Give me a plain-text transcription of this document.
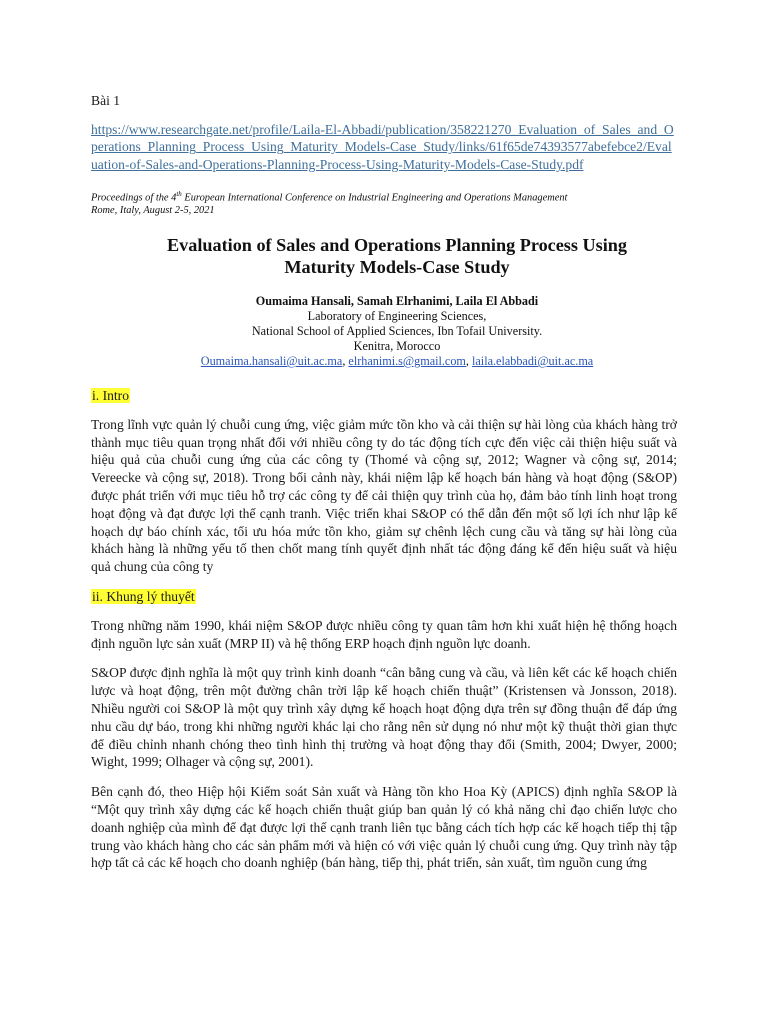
Bài 1

https://www.researchgate.net/profile/Laila-El-Abbadi/publication/358221270_Evaluation_of_Sales_and_Operations_Planning_Process_Using_Maturity_Models-Case_Study/links/61f65de74393577abefebce2/Evaluation-of-Sales-and-Operations-Planning-Process-Using-Maturity-Models-Case-Study.pdf
Proceedings of the 4th European International Conference on Industrial Engineering and Operations Management
Rome, Italy, August 2-5, 2021
Evaluation of Sales and Operations Planning Process Using
Maturity Models-Case Study
Oumaima Hansali, Samah Elrhanimi, Laila El Abbadi
Laboratory of Engineering Sciences,
National School of Applied Sciences, Ibn Tofail University.
Kenitra, Morocco
Oumaima.hansali@uit.ac.ma, elrhanimi.s@gmail.com, laila.elabbadi@uit.ac.ma

i. Intro

Trong lĩnh vực quản lý chuỗi cung ứng, việc giảm mức tồn kho và cải thiện sự hài lòng của khách hàng trở thành mục tiêu quan trọng nhất đối với nhiều công ty do tác động tích cực đến việc cải thiện hiệu suất và hiệu quả của chuỗi cung ứng của các công ty (Thomé và cộng sự, 2012; Wagner và cộng sự, 2014; Vereecke và cộng sự, 2018). Trong bối cảnh này, khái niệm lập kế hoạch bán hàng và hoạt động (S&OP) được phát triển với mục tiêu hỗ trợ các công ty để cải thiện quy trình của họ, đảm bảo tính linh hoạt trong hoạt động và đạt được lợi thế cạnh tranh. Việc triển khai S&OP có thể dẫn đến một số lợi ích như lập kế hoạch dự báo chính xác, tối ưu hóa mức tồn kho, giảm sự chênh lệch cung cầu và tăng sự hài lòng của khách hàng là những yếu tố then chốt mang tính quyết định nhất tác động đáng kể đến hiệu suất và hiệu quả chung của công ty

ii. Khung lý thuyết

Trong những năm 1990, khái niệm S&OP được nhiều công ty quan tâm hơn khi xuất hiện hệ thống hoạch định nguồn lực sản xuất (MRP II) và hệ thống ERP hoạch định nguồn lực doanh.

S&OP được định nghĩa là một quy trình kinh doanh “cân bằng cung và cầu, và liên kết các kế hoạch chiến lược và hoạt động, trên một đường chân trời lập kế hoạch chiến thuật” (Kristensen và Jonsson, 2018). Nhiều người coi S&OP là một quy trình xây dựng kế hoạch hoạt động dựa trên sự đồng thuận để đáp ứng nhu cầu dự báo, trong khi những người khác lại cho rằng nên sử dụng nó như một kỹ thuật thời gian thực để điều chỉnh nhanh chóng theo tình hình thị trường và hoạt động thay đổi (Smith, 2004; Dwyer, 2000; Wight, 1999; Olhager và cộng sự, 2001).

Bên cạnh đó, theo Hiệp hội Kiểm soát Sản xuất và Hàng tồn kho Hoa Kỳ (APICS) định nghĩa S&OP là “Một quy trình xây dựng các kế hoạch chiến thuật giúp ban quản lý có khả năng chỉ đạo chiến lược cho doanh nghiệp của mình để đạt được lợi thế cạnh tranh liên tục bằng cách tích hợp các kế hoạch tiếp thị tập trung vào khách hàng cho các sản phẩm mới và hiện có với việc quản lý chuỗi cung ứng. Quy trình này tập hợp tất cả các kế hoạch cho doanh nghiệp (bán hàng, tiếp thị, phát triển, sản xuất, tìm nguồn cung ứng
